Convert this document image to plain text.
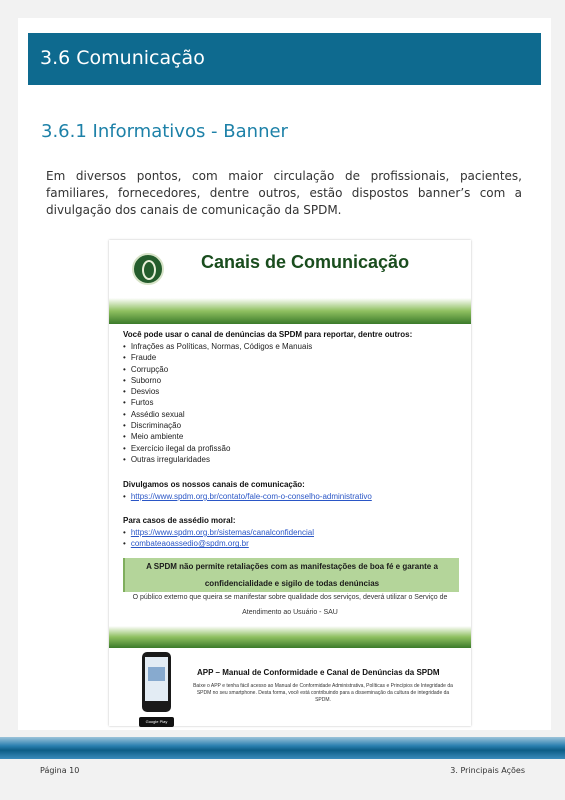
3.6 Comunicação
3.6.1 Informativos - Banner
Em diversos pontos, com maior circulação de profissionais, pacientes, familiares, fornecedores, dentre outros, estão dispostos banner’s com a divulgação dos canais de comunicação da SPDM.
Canais de Comunicação
Você pode usar o canal de denúncias da SPDM para reportar, dentre outros:
• Infrações as Políticas, Normas, Códigos e Manuais
• Fraude
• Corrupção
• Suborno
• Desvios
• Furtos
• Assédio sexual
• Discriminação
• Meio ambiente
• Exercício ilegal da profissão
• Outras irregularidades
Divulgamos os nossos canais de comunicação:
• https://www.spdm.org.br/contato/fale-com-o-conselho-administrativo
Para casos de assédio moral:
• https://www.spdm.org.br/sistemas/canalconfidencial
• combateaoassedio@spdm.org.br
A SPDM não permite retaliações com as manifestações de boa fé e garante a
confidencialidade e sigilo de todas denúncias
O público externo que queira se manifestar sobre qualidade dos serviços, deverá utilizar o Serviço de
Atendimento ao Usuário - SAU
Google Play
APP – Manual de Conformidade e Canal de Denúncias da SPDM
Baixe o APP e tenha fácil acesso ao Manual de Conformidade Administrativa, Políticas e Princípios de Integridade da SPDM no seu smartphone. Desta forma, você está contribuindo para a disseminação da cultura de integridade da SPDM.
Página 10	3. Principais Ações
